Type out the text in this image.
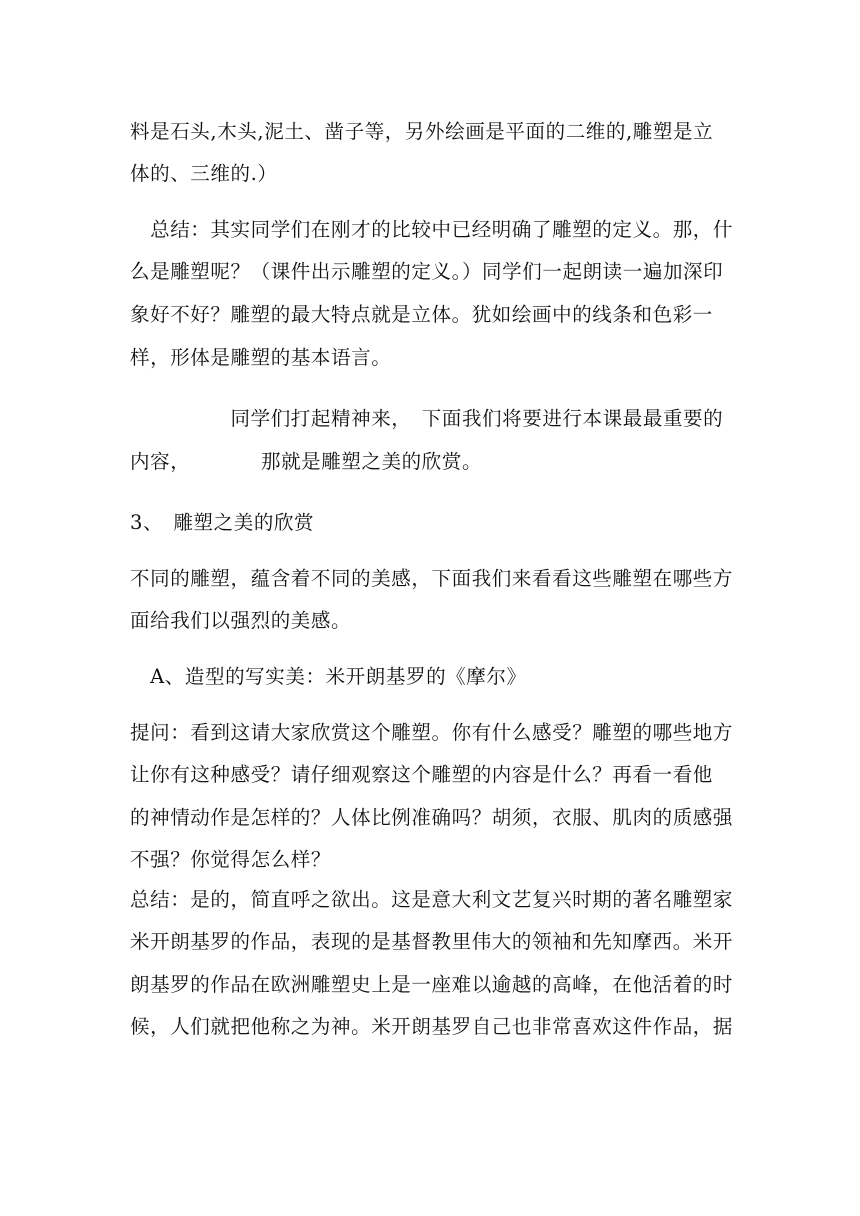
料是石头,木头,泥土、凿子等，另外绘画是平面的二维的,雕塑是立
体的、三维的.）
　总结：其实同学们在刚才的比较中已经明确了雕塑的定义。那，什
么是雕塑呢？（课件出示雕塑的定义。）同学们一起朗读一遍加深印
象好不好？雕塑的最大特点就是立体。犹如绘画中的线条和色彩一
样，形体是雕塑的基本语言。
　　　　　同学们打起精神来，　下面我们将要进行本课最最重要的
内容，　　　　那就是雕塑之美的欣赏。
3、　雕塑之美的欣赏
不同的雕塑，蕴含着不同的美感，下面我们来看看这些雕塑在哪些方
面给我们以强烈的美感。
　A、造型的写实美：米开朗基罗的《摩尔》
提问：看到这请大家欣赏这个雕塑。你有什么感受？雕塑的哪些地方
让你有这种感受？请仔细观察这个雕塑的内容是什么？再看一看他
的神情动作是怎样的？人体比例准确吗？胡须，衣服、肌肉的质感强
不强？你觉得怎么样？
总结：是的，简直呼之欲出。这是意大利文艺复兴时期的著名雕塑家
米开朗基罗的作品，表现的是基督教里伟大的领袖和先知摩西。米开
朗基罗的作品在欧洲雕塑史上是一座难以逾越的高峰，在他活着的时
候，人们就把他称之为神。米开朗基罗自己也非常喜欢这件作品，据
